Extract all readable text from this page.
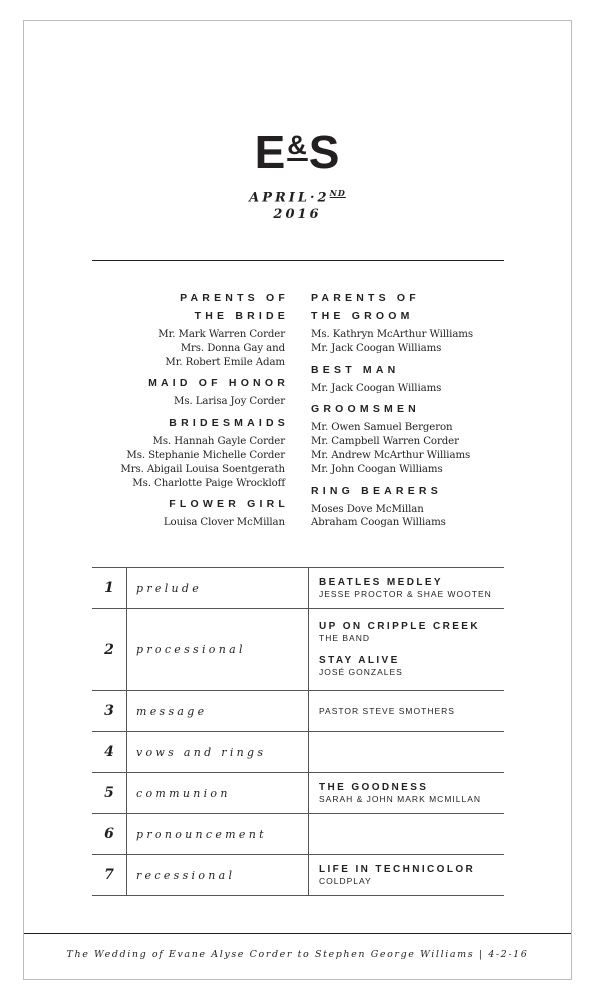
E&S
APRIL·2ND
2016
PARENTS OF
THE BRIDE
Mr. Mark Warren Corder
Mrs. Donna Gay and
Mr. Robert Emile Adam
MAID OF HONOR
Ms. Larisa Joy Corder
BRIDESMAIDS
Ms. Hannah Gayle Corder
Ms. Stephanie Michelle Corder
Mrs. Abigail Louisa Soentgerath
Ms. Charlotte Paige Wrockloff
FLOWER GIRL
Louisa Clover McMillan
PARENTS OF
THE GROOM
Ms. Kathryn McArthur Williams
Mr. Jack Coogan Williams
BEST MAN
Mr. Jack Coogan Williams
GROOMSMEN
Mr. Owen Samuel Bergeron
Mr. Campbell Warren Corder
Mr. Andrew McArthur Williams
Mr. John Coogan Williams
RING BEARERS
Moses Dove McMillan
Abraham Coogan Williams
1	prelude	BEATLES MEDLEY
JESSE PROCTOR & SHAE WOOTEN

2	processional	UP ON CRIPPLE CREEK
THE BAND
STAY ALIVE
JOSÉ GONZALES

3	message	PASTOR STEVE SMOTHERS

4	vows and rings	
5	communion	THE GOODNESS
SARAH & JOHN MARK MCMILLAN

6	pronouncement	
7	recessional	LIFE IN TECHNICOLOR
COLDPLAY
The Wedding of Evane Alyse Corder to Stephen George Williams | 4-2-16
